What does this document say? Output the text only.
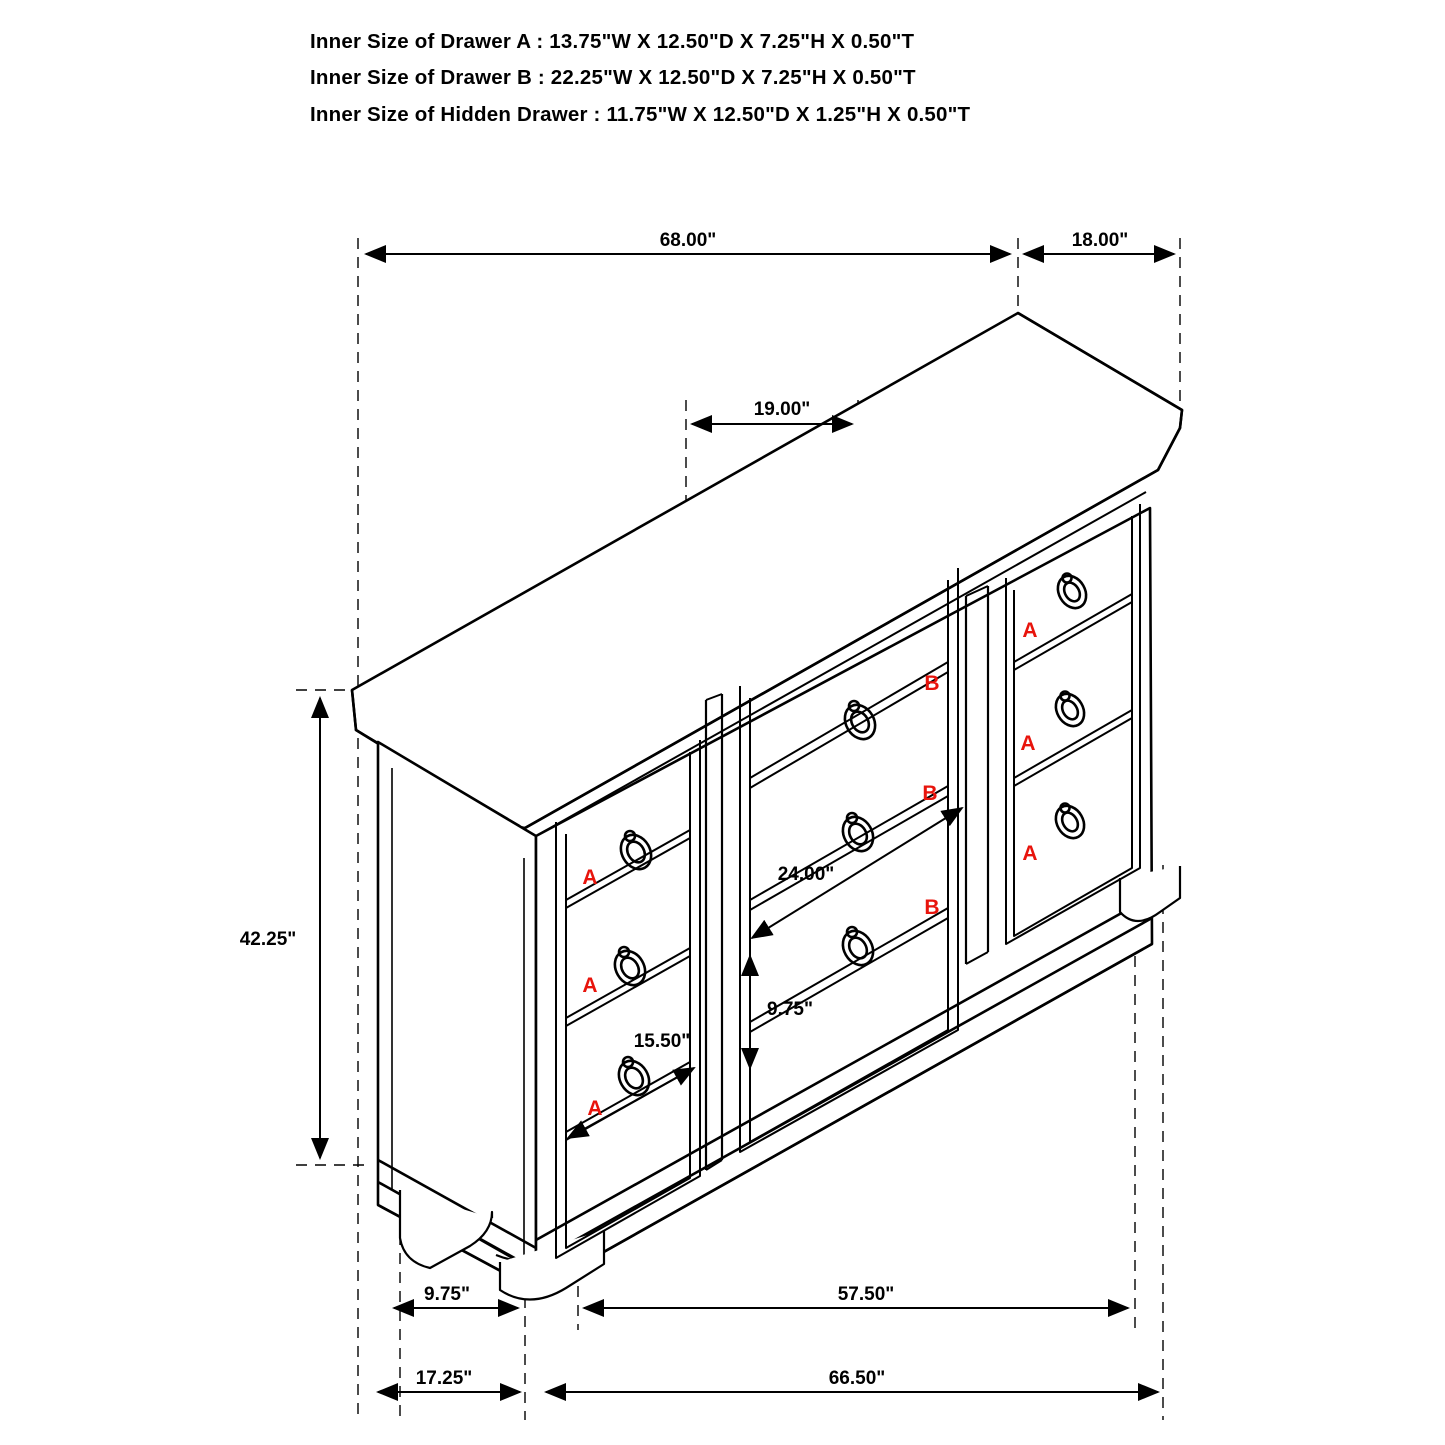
Inner Size of Drawer A : 13.75"W X 12.50"D X 7.25"H X 0.50"T
Inner Size of Drawer B : 22.25"W X 12.50"D X 7.25"H X 0.50"T
Inner Size of Hidden Drawer : 11.75"W X 12.50"D X 1.25"H X 0.50"T
68.00"	18.00"
19.00"
42.25"
24.00"
9.75"
15.50"
9.75"	57.50"
17.25"	66.50"
A
A
A
B
B
B
A
A
A
